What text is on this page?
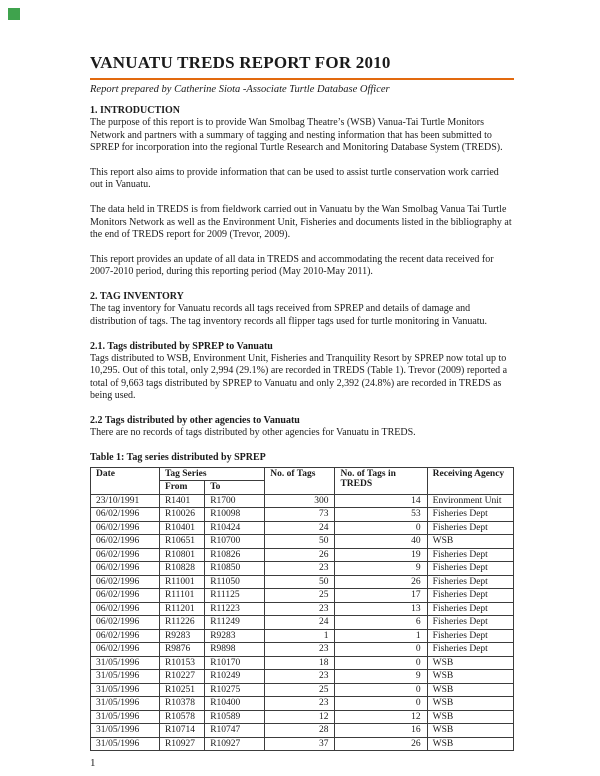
VANUATU TREDS REPORT FOR 2010
Report prepared by Catherine Siota -Associate Turtle Database Officer
1. INTRODUCTION

The purpose of this report is to provide Wan Smolbag Theatre’s (WSB) Vanua-Tai Turtle Monitors Network and partners with a summary of tagging and nesting information that has been submitted to SPREP for incorporation into the regional Turtle Research and Monitoring Database System (TREDS).

This report also aims to provide information that can be used to assist turtle conservation work carried out in Vanuatu.

The data held in TREDS is from fieldwork carried out in Vanuatu by the Wan Smolbag Vanua Tai Turtle Monitors Network as well as the Environment Unit, Fisheries and documents listed in the bibliography at the end of TREDS report for 2009 (Trevor, 2009).

This report provides an update of all data in TREDS and accommodating the recent data received for 2007-2010 period, during this reporting period (May 2010-May 2011).

2. TAG INVENTORY

The tag inventory for Vanuatu records all tags received from SPREP and details of damage and distribution of tags. The tag inventory records all flipper tags used for turtle monitoring in Vanuatu.

2.1. Tags distributed by SPREP to Vanuatu

Tags distributed to WSB, Environment Unit, Fisheries and Tranquility Resort by SPREP now total up to 10,295. Out of this total, only 2,994 (29.1%) are recorded in TREDS (Table 1). Trevor (2009) reported a total of 9,663 tags distributed by SPREP to Vanuatu and only 2,392 (24.8%) are recorded in TREDS as being used.

2.2 Tags distributed by other agencies to Vanuatu

There are no records of tags distributed by other agencies for Vanuatu in TREDS.

Table 1: Tag series distributed by SPREP

Date	Tag Series		No. of Tags	No. of Tags in TREDS	Receiving Agency
	From	To			
23/10/1991	R1401	R1700	300	14	Environment Unit
06/02/1996	R10026	R10098	73	53	Fisheries Dept
06/02/1996	R10401	R10424	24	0	Fisheries Dept
06/02/1996	R10651	R10700	50	40	WSB
06/02/1996	R10801	R10826	26	19	Fisheries Dept
06/02/1996	R10828	R10850	23	9	Fisheries Dept
06/02/1996	R11001	R11050	50	26	Fisheries Dept
06/02/1996	R11101	R11125	25	17	Fisheries Dept
06/02/1996	R11201	R11223	23	13	Fisheries Dept
06/02/1996	R11226	R11249	24	6	Fisheries Dept
06/02/1996	R9283	R9283	1	1	Fisheries Dept
06/02/1996	R9876	R9898	23	0	Fisheries Dept
31/05/1996	R10153	R10170	18	0	WSB
31/05/1996	R10227	R10249	23	9	WSB
31/05/1996	R10251	R10275	25	0	WSB
31/05/1996	R10378	R10400	23	0	WSB
31/05/1996	R10578	R10589	12	12	WSB
31/05/1996	R10714	R10747	28	16	WSB
31/05/1996	R10927	R10927	37	26	WSB
1
